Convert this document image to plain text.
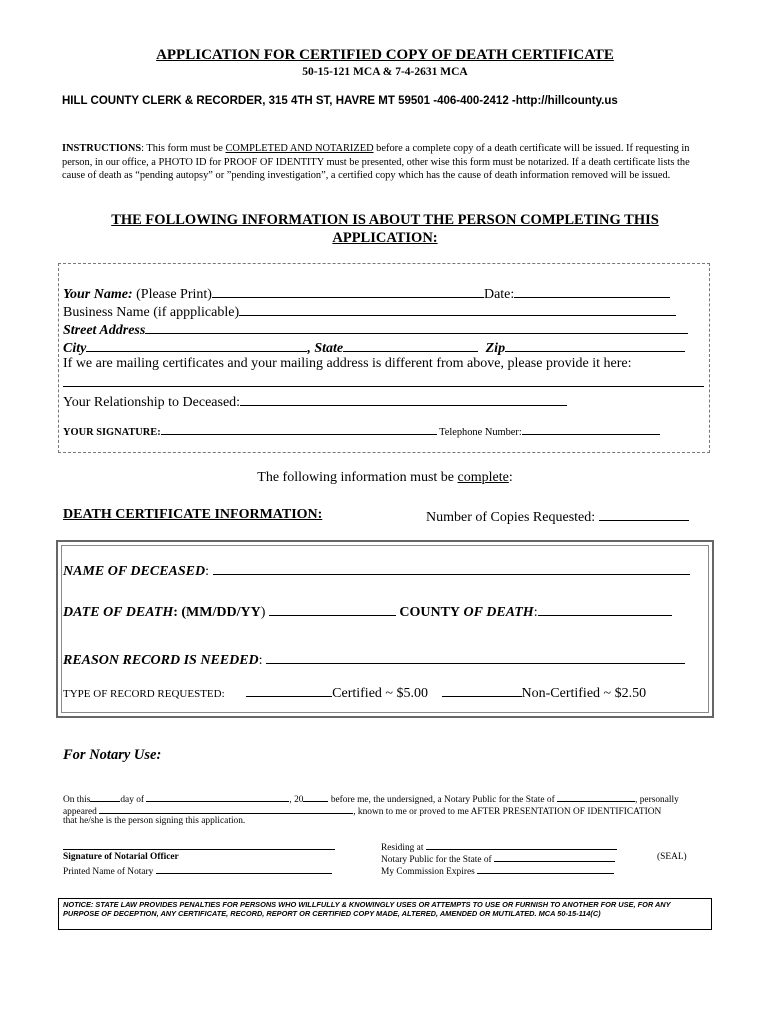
APPLICATION FOR CERTIFIED COPY OF DEATH CERTIFICATE
50-15-121 MCA & 7-4-2631 MCA
HILL COUNTY CLERK & RECORDER, 315 4TH ST, HAVRE MT 59501 -406-400-2412 -http://hillcounty.us
INSTRUCTIONS: This form must be COMPLETED AND NOTARIZED before a complete copy of a death certificate will be issued. If requesting in person, in our office, a PHOTO ID for PROOF OF IDENTITY must be presented, other wise this form must be notarized. If a death certificate lists the cause of death as “pending autopsy” or ”pending investigation”, a certified copy which has the cause of death information removed will be issued.
THE FOLLOWING INFORMATION IS ABOUT THE PERSON COMPLETING THIS APPLICATION:
Your Name: (Please Print)	Date:
Business Name (if appplicable)
Street Address
City	, State	Zip
If we are mailing certificates and your mailing address is different from above, please provide it here:
Your Relationship to Deceased:
YOUR SIGNATURE:	Telephone Number:
The following information must be complete:
DEATH CERTIFICATE INFORMATION:	Number of Copies Requested:
NAME OF DECEASED:
DATE OF DEATH: (MM/DD/YY)	COUNTY OF DEATH:
REASON RECORD IS NEEDED:
TYPE OF RECORD REQUESTED:	Certified ~ $5.00	Non-Certified ~ $2.50
For Notary Use:
On this	day of	, 20	before me, the undersigned, a Notary Public for the State of	, personally
appeared	, known to me or proved to me AFTER PRESENTATION OF IDENTIFICATION
that he/she is the person signing this application.
Signature of Notarial Officer
Printed Name of Notary
Residing at
Notary Public for the State of
My Commission Expires
(SEAL)
NOTICE: STATE LAW PROVIDES PENALTIES FOR PERSONS WHO WILLFULLY & KNOWINGLY USES OR ATTEMPTS TO USE OR FURNISH TO ANOTHER FOR USE, FOR ANY PURPOSE OF DECEPTION, ANY CERTIFICATE, RECORD, REPORT OR CERTIFIED COPY MADE, ALTERED, AMENDED OR MUTILATED. MCA 50-15-114(C)
